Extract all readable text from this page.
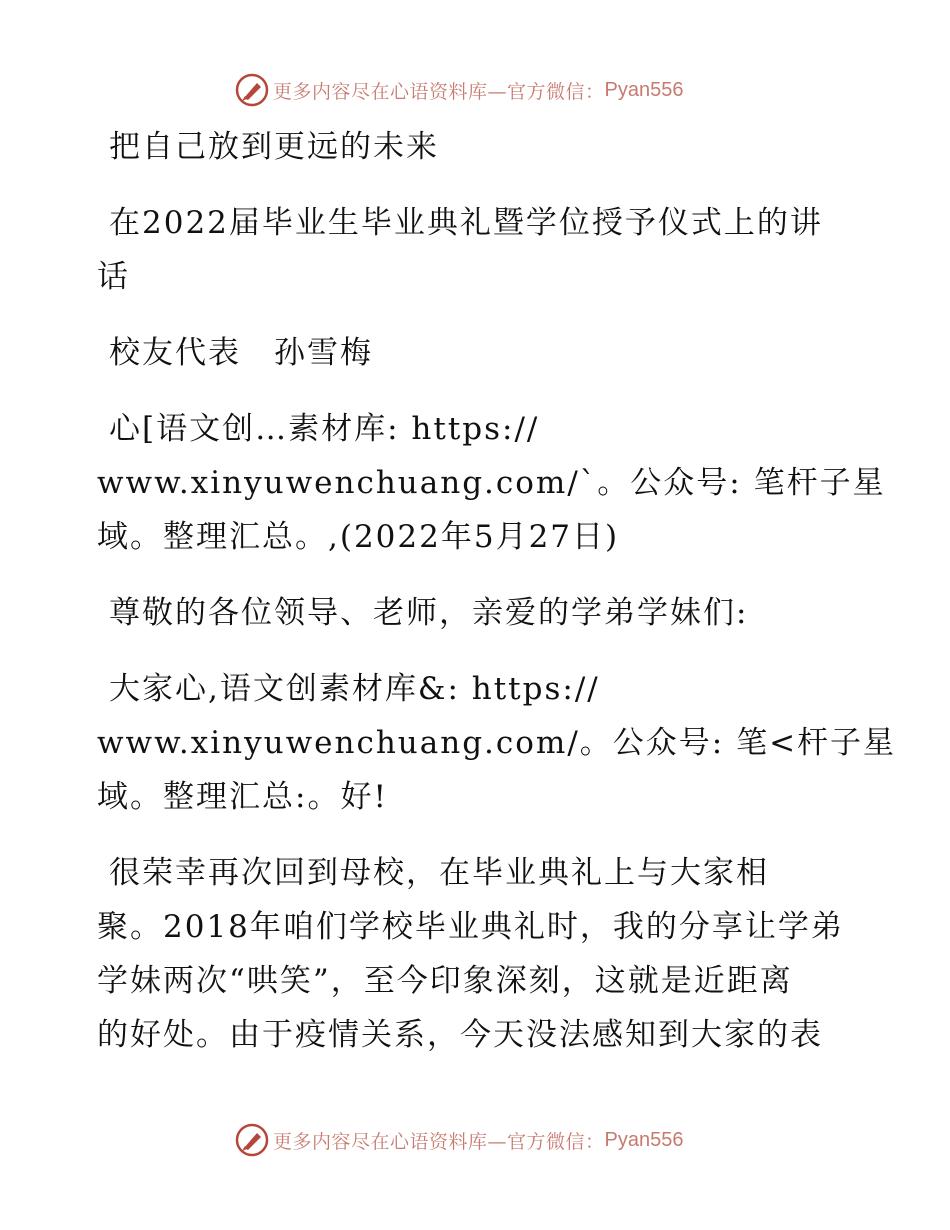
更多内容尽在心语资料库—官方微信： Pyan556
把自己放到更远的未来
在2022届毕业生毕业典礼暨学位授予仪式上的讲
话
校友代表　孙雪梅
心[语文创…素材库: https://
www.xinyuwenchuang.com/`。公众号: 笔杆子星
域。整理汇总。,(2022年5月27日)
尊敬的各位领导、老师，亲爱的学弟学妹们:
大家心,语文创素材库&: https://
www.xinyuwenchuang.com/。公众号: 笔<杆子星
域。整理汇总:。好!
很荣幸再次回到母校，在毕业典礼上与大家相
聚。2018年咱们学校毕业典礼时，我的分享让学弟
学妹两次“哄笑”，至今印象深刻，这就是近距离
的好处。由于疫情关系，今天没法感知到大家的表
更多内容尽在心语资料库—官方微信： Pyan556
